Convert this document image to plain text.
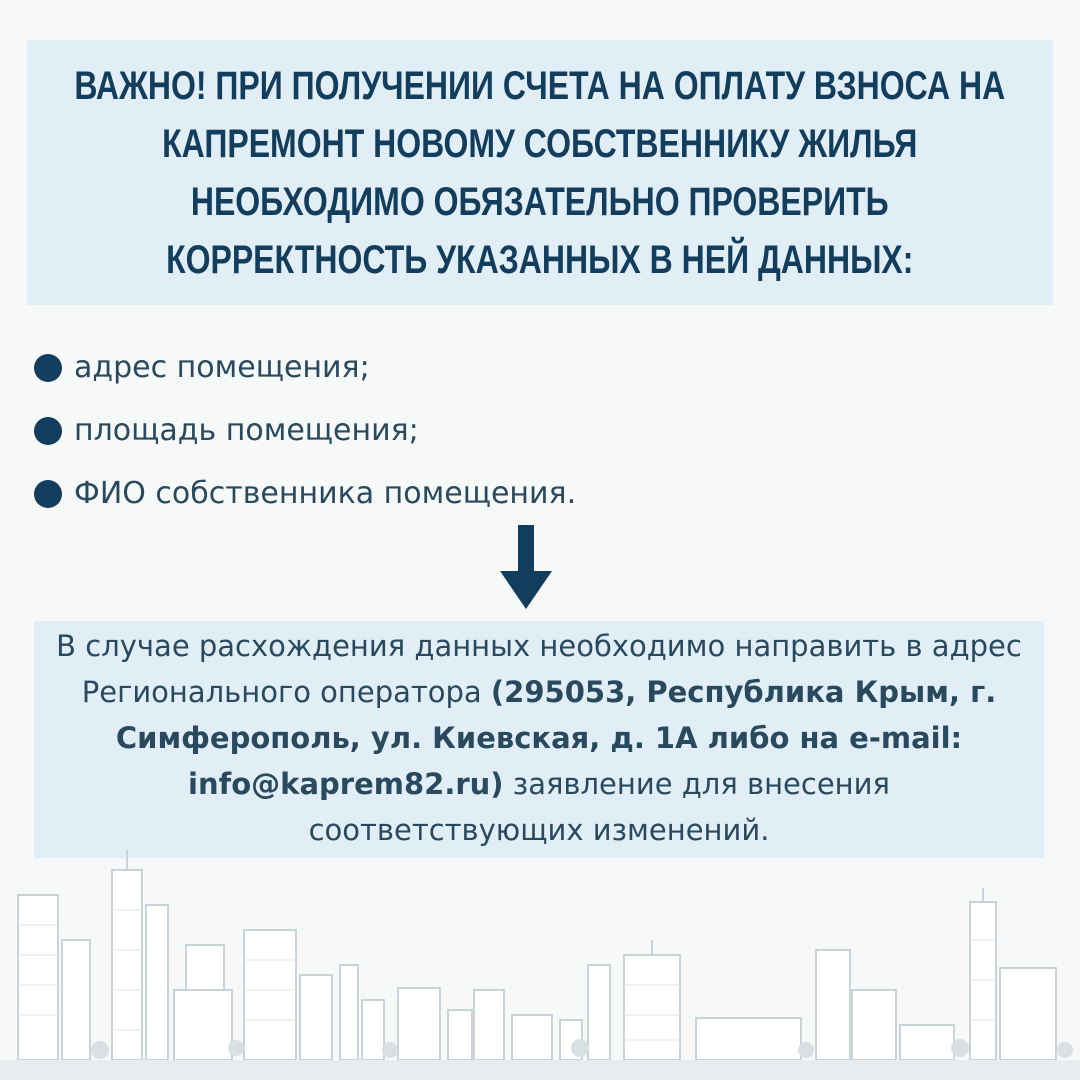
ВАЖНО! ПРИ ПОЛУЧЕНИИ СЧЕТА НА ОПЛАТУ ВЗНОСА НА КАПРЕМОНТ НОВОМУ СОБСТВЕННИКУ ЖИЛЬЯ НЕОБХОДИМО ОБЯЗАТЕЛЬНО ПРОВЕРИТЬ КОРРЕКТНОСТЬ УКАЗАННЫХ В НЕЙ ДАННЫХ:
адрес помещения;
площадь помещения;
ФИО собственника помещения.

В случае расхождения данных необходимо направить в адрес Регионального оператора (295053, Республика Крым, г. Симферополь, ул. Киевская, д. 1А либо на e-mail: info@kaprem82.ru) заявление для внесения соответствующих изменений.
